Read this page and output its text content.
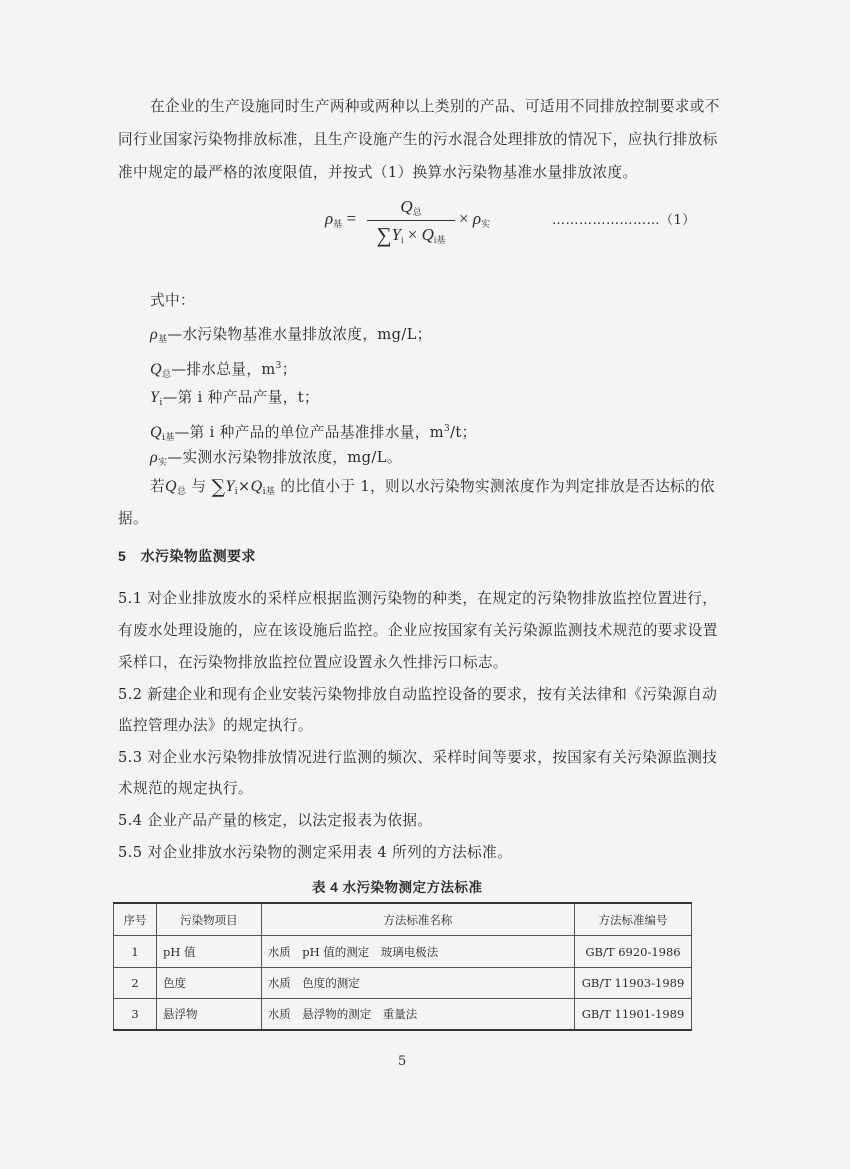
在企业的生产设施同时生产两种或两种以上类别的产品、可适用不同排放控制要求或不
同行业国家污染物排放标准，且生产设施产生的污水混合处理排放的情况下，应执行排放标
准中规定的最严格的浓度限值，并按式（1）换算水污染物基准水量排放浓度。
$\rho_基$ =
$Q_总$
$\sum Y_i \times Q_{i基}$
× $\rho_实$	……………………（1）
式中：
$\rho_基—$水污染物基准水量排放浓度，mg/L；
$Q_总—$排水总量，$m^3$；
$Y_i—$第 i 种产品产量，t；
$Q_{i基}—$第 i 种产品的单位产品基准排水量，$m^3/t$；
$\rho_实—$实测水污染物排放浓度，mg/L。
若$Q_总$ 与 $\sum Y_i\times Q_{i基}$ 的比值小于 1，则以水污染物实测浓度作为判定排放是否达标的依
据。
5　水污染物监测要求
5.1 对企业排放废水的采样应根据监测污染物的种类，在规定的污染物排放监控位置进行，
有废水处理设施的，应在该设施后监控。企业应按国家有关污染源监测技术规范的要求设置
采样口，在污染物排放监控位置应设置永久性排污口标志。
5.2 新建企业和现有企业安装污染物排放自动监控设备的要求，按有关法律和《污染源自动
监控管理办法》的规定执行。
5.3 对企业水污染物排放情况进行监测的频次、采样时间等要求，按国家有关污染源监测技
术规范的规定执行。
5.4 企业产品产量的核定，以法定报表为依据。
5.5 对企业排放水污染物的测定采用表 4 所列的方法标准。
表 4 水污染物测定方法标准
序号	污染物项目	方法标准名称	方法标准编号
1	pH 值	水质　pH 值的测定　玻璃电极法	GB/T 6920-1986
2	色度	水质　色度的测定	GB/T 11903-1989
3	悬浮物	水质　悬浮物的测定　重量法	GB/T 11901-1989
5
